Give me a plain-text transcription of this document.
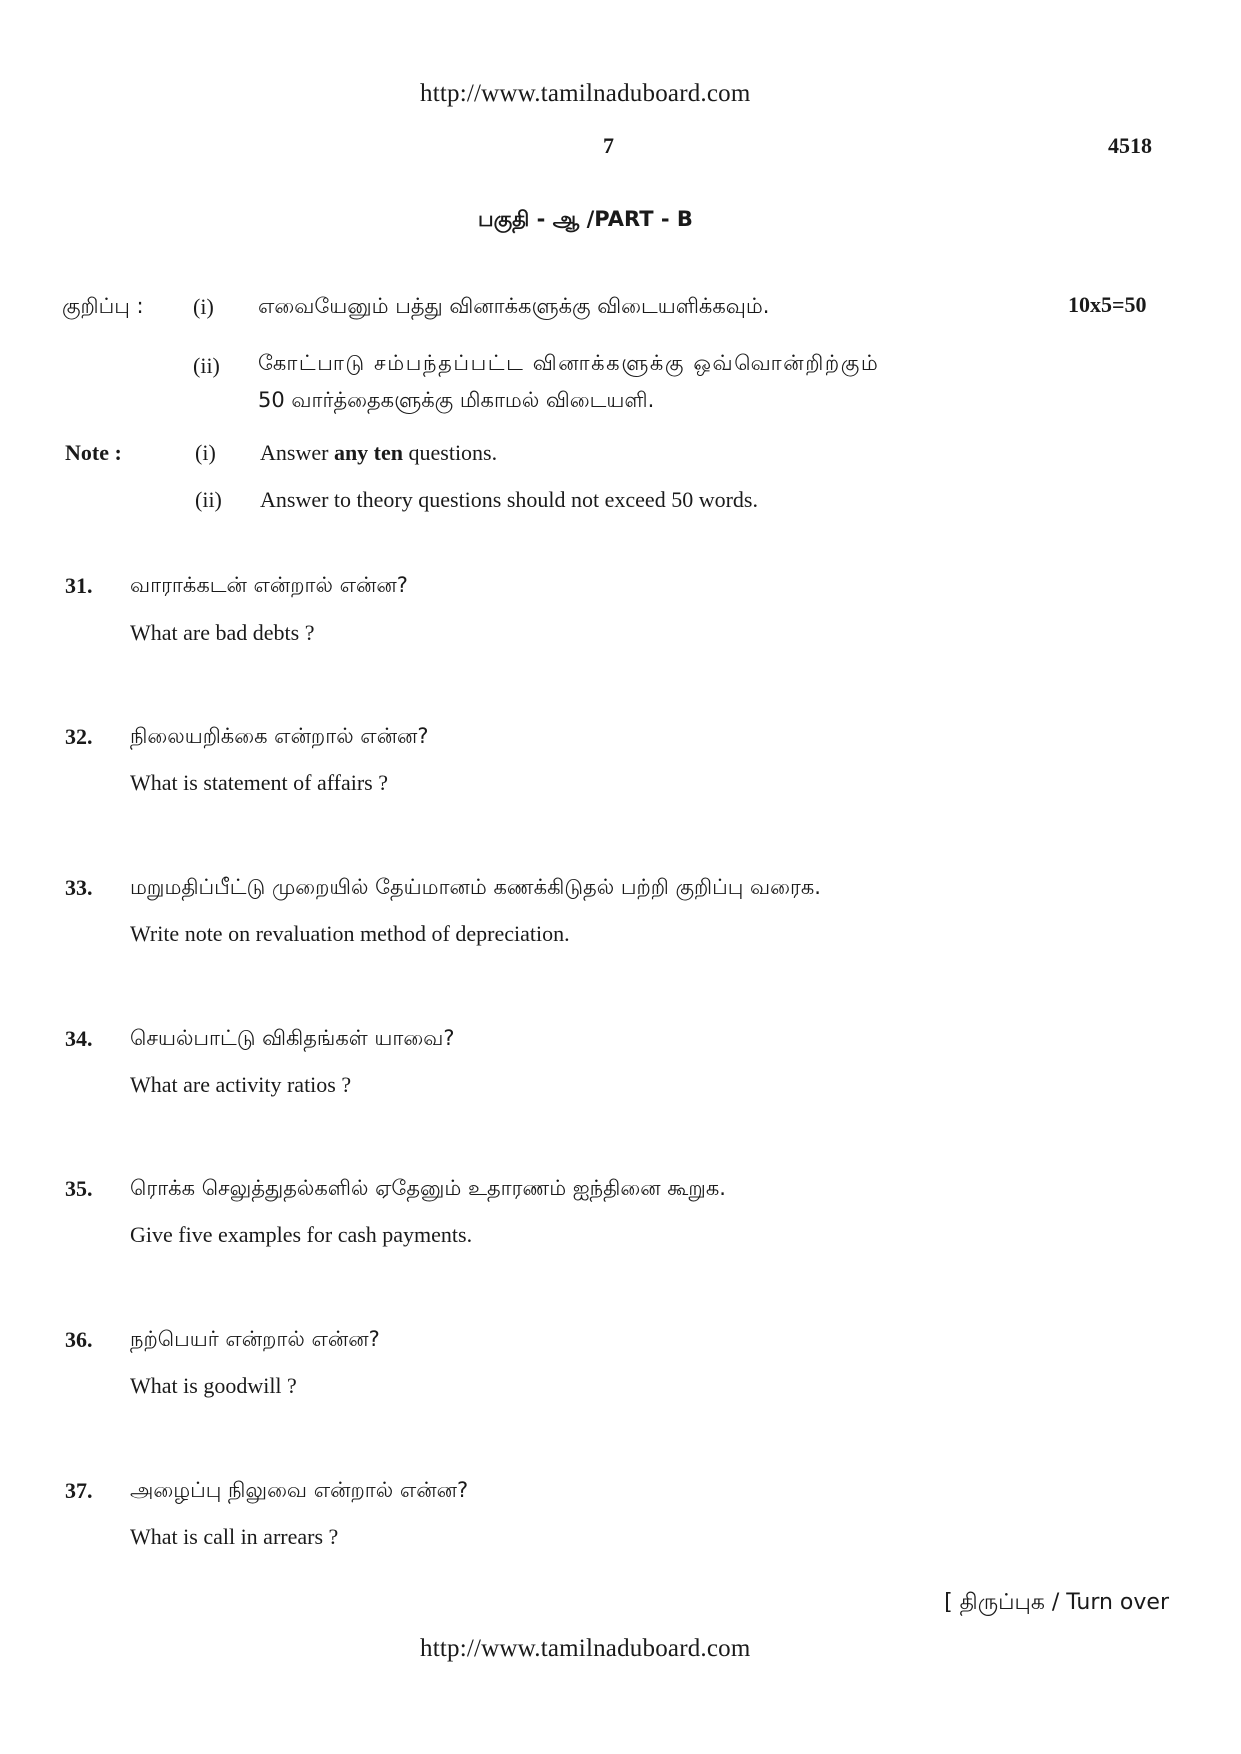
http://www.tamilnaduboard.com
7	4518
பகுதி - ஆ /PART - B
குறிப்பு : (i) எவையேனும் பத்து வினாக்களுக்கு விடையளிக்கவும்.	10x5=50
(ii) கோட்பாடு சம்பந்தப்பட்ட வினாக்களுக்கு ஒவ்வொன்றிற்கும்
50 வார்த்தைகளுக்கு மிகாமல் விடையளி.
Note :	(i) Answer any ten questions.
(ii) Answer to theory questions should not exceed 50 words.
31. வாராக்கடன் என்றால் என்ன?
What are bad debts ?
32. நிலையறிக்கை என்றால் என்ன?
What is statement of affairs ?
33. மறுமதிப்பீட்டு முறையில் தேய்மானம் கணக்கிடுதல் பற்றி குறிப்பு வரைக.
Write note on revaluation method of depreciation.
34. செயல்பாட்டு விகிதங்கள் யாவை?
What are activity ratios ?
35. ரொக்க செலுத்துதல்களில் ஏதேனும் உதாரணம் ஐந்தினை கூறுக.
Give five examples for cash payments.
36. நற்பெயர் என்றால் என்ன?
What is goodwill ?
37. அழைப்பு நிலுவை என்றால் என்ன?
What is call in arrears ?
[ திருப்புக / Turn over
http://www.tamilnaduboard.com
